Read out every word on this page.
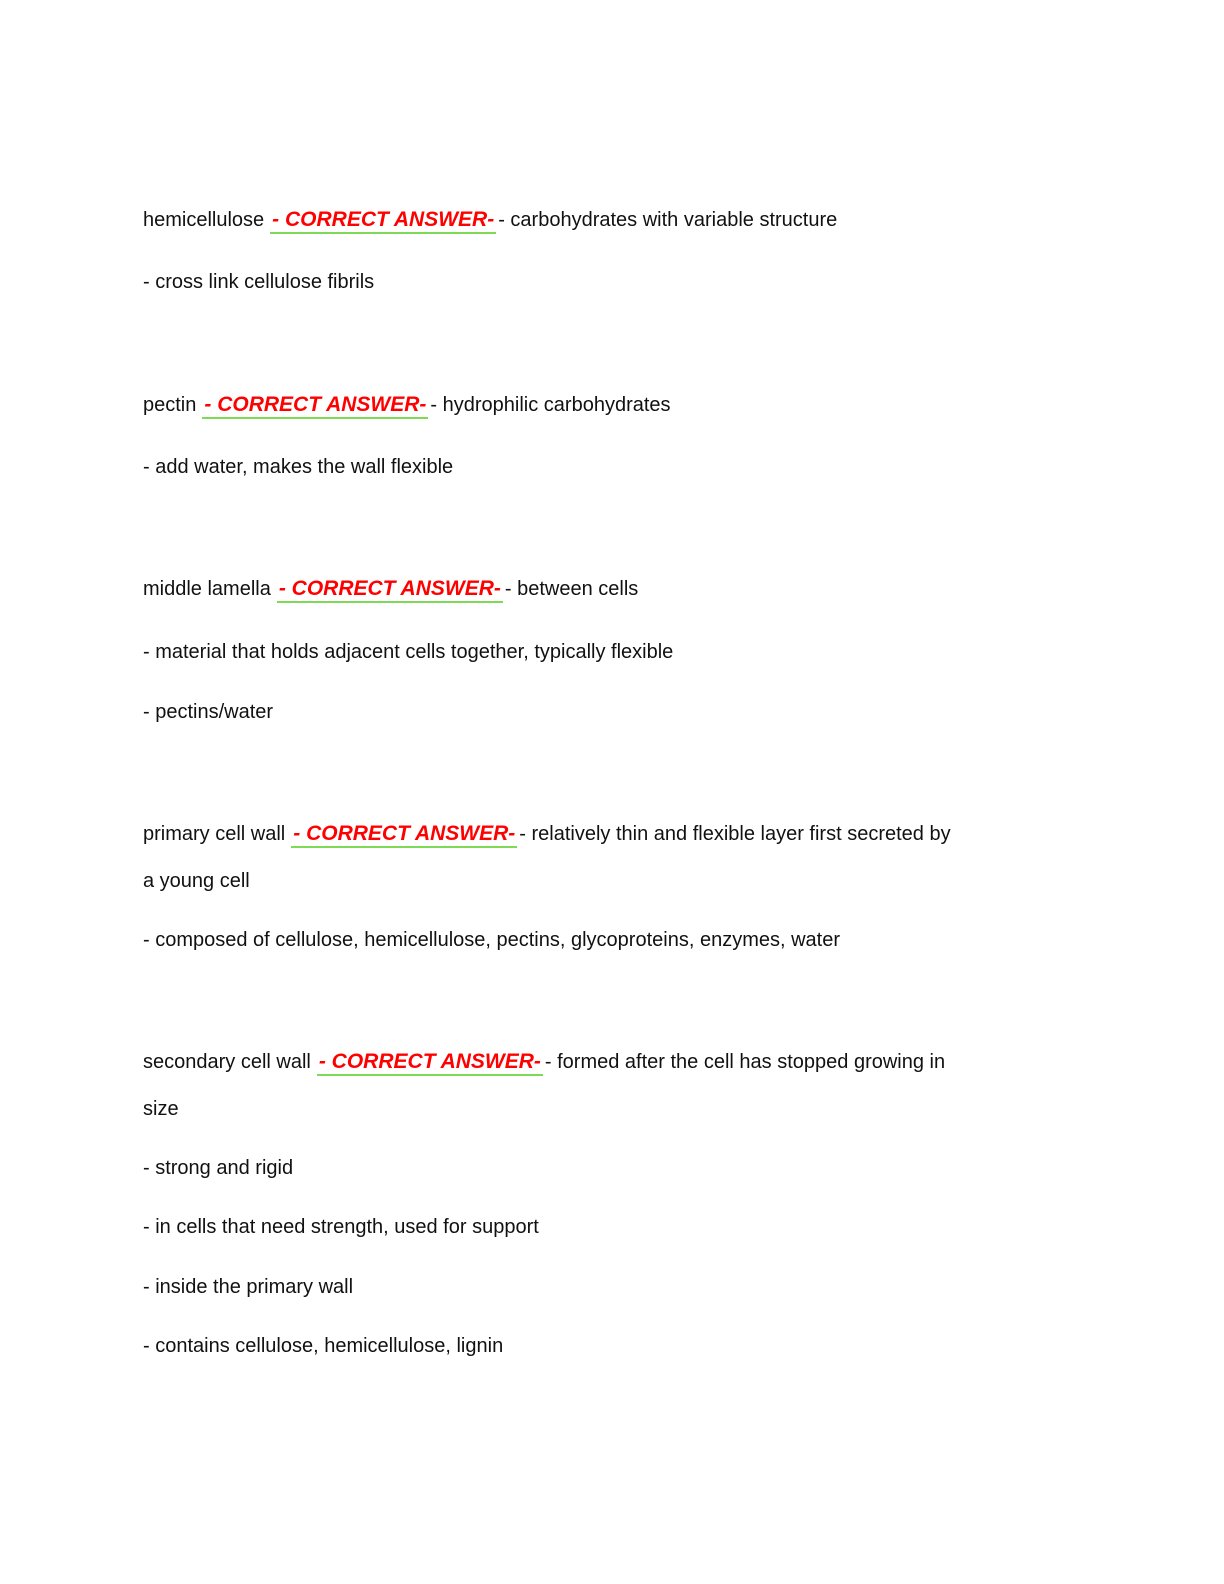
hemicellulose - CORRECT ANSWER- - carbohydrates with variable structure
- cross link cellulose fibrils
pectin - CORRECT ANSWER- - hydrophilic carbohydrates
- add water, makes the wall flexible
middle lamella - CORRECT ANSWER- - between cells
- material that holds adjacent cells together, typically flexible
- pectins/water
primary cell wall - CORRECT ANSWER- - relatively thin and flexible layer first secreted by
a young cell
- composed of cellulose, hemicellulose, pectins, glycoproteins, enzymes, water
secondary cell wall - CORRECT ANSWER- - formed after the cell has stopped growing in
size
- strong and rigid
- in cells that need strength, used for support
- inside the primary wall
- contains cellulose, hemicellulose, lignin
